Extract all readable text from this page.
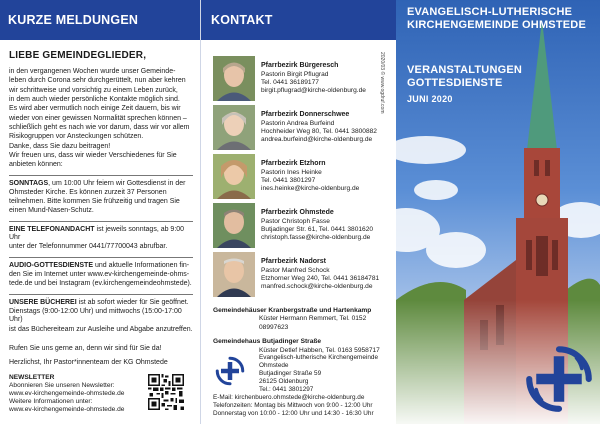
KURZE MELDUNGEN
LIEBE GEMEINDEGLIEDER,

in den vergangenen Wochen wurde unser Gemeinde-

leben durch Corona sehr durchgerüttelt, nun aber kehren

wir schrittweise und vorsichtig zu einem Leben zurück,

in dem auch wieder persönliche Kontakte möglich sind.

Es wird aber vermutlich noch einige Zeit dauern, bis wir

wieder von einer gewissen Normalität sprechen können –

schließlich geht es nach wie vor darum, dass wir vor allem

Risikogruppen vor Ansteckungen schützen.

Danke, dass Sie dazu beitragen!

Wir freuen uns, dass wir wieder Verschiedenes für Sie

anbieten können:

SONNTAGS, um 10:00 Uhr feiern wir Gottesdienst in der

Ohmsteder Kirche. Es können zurzeit 37 Personen

teilnehmen. Bitte kommen Sie frühzeitig und tragen Sie

einen Mund-Nasen-Schutz.

EINE TELEFONANDACHT ist jeweils sonntags, ab 9:00 Uhr

unter der Telefonnummer 0441/77700043 abrufbar.

AUDIO-GOTTESDIENSTE und aktuelle Informationen fin-

den Sie im Internet unter www.ev-kirchengemeinde-ohms-

tede.de und bei Instagram (ev.kirchengemeindeohmstede).

UNSERE BÜCHEREI ist ab sofort wieder für Sie geöffnet.

Dienstags (9:00-12:00 Uhr) und mittwochs (15:00-17:00 Uhr)

ist das Büchereiteam zur Ausleihe und Abgabe anzutreffen.

Rufen Sie uns gerne an, denn wir sind für Sie da!

Herzlichst, Ihr Pastor*innenteam der KG Ohmstede

NEWSLETTER
Abonnieren Sie unseren Newsletter:
www.ev-kirchengemeinde-ohmstede.de
Weitere Informationen unter:
www.ev-kirchengemeinde-ohmstede.de
KONTAKT
2020/03 © www.ogdruf.com
Pfarrbezirk Bürgeresch
Pastorin Birgit Pflugrad
Tel. 0441 36189177
birgit.pflugrad@kirche-oldenburg.de
Pfarrbezirk Donnerschwee
Pastorin Andrea Burfeind
Hochheider Weg 80, Tel. 0441 3800882
andrea.burfeind@kirche-oldenburg.de
Pfarrbezirk Etzhorn
Pastorin Ines Heinke
Tel. 0441 3801297
ines.heinke@kirche-oldenburg.de
Pfarrbezirk Ohmstede
Pastor Christoph Fasse
Butjadinger Str. 61, Tel. 0441 3801620
christoph.fasse@kirche-oldenburg.de
Pfarrbezirk Nadorst
Pastor Manfred Schock
Etzhorner Weg 240, Tel. 0441 36184781
manfred.schock@kirche-oldenburg.de
Gemeindehäuser Kranbergstraße und Hartenkamp
Küster Hermann Remmert, Tel. 0152 08997623
Gemeindehaus Butjadinger Straße
Küster Detlef Habben, Tel. 0163 5958717
Evangelisch-lutherische Kirchengemeinde Ohmstede
Butjadinger Straße 59
26125 Oldenburg
Tel.: 0441 3801297
E-Mail: kirchenbuero.ohmstede@kirche-oldenburg.de
Telefonzeiten: Montag bis Mittwoch von 9:00 - 12:00 Uhr
Donnerstag von 10:00 - 12:00 Uhr und 14:30 - 16:30 Uhr
EVANGELISCH-LUTHERISCHE
KIRCHENGEMEINDE OHMSTEDE
VERANSTALTUNGEN
GOTTESDIENSTE
JUNI 2020
